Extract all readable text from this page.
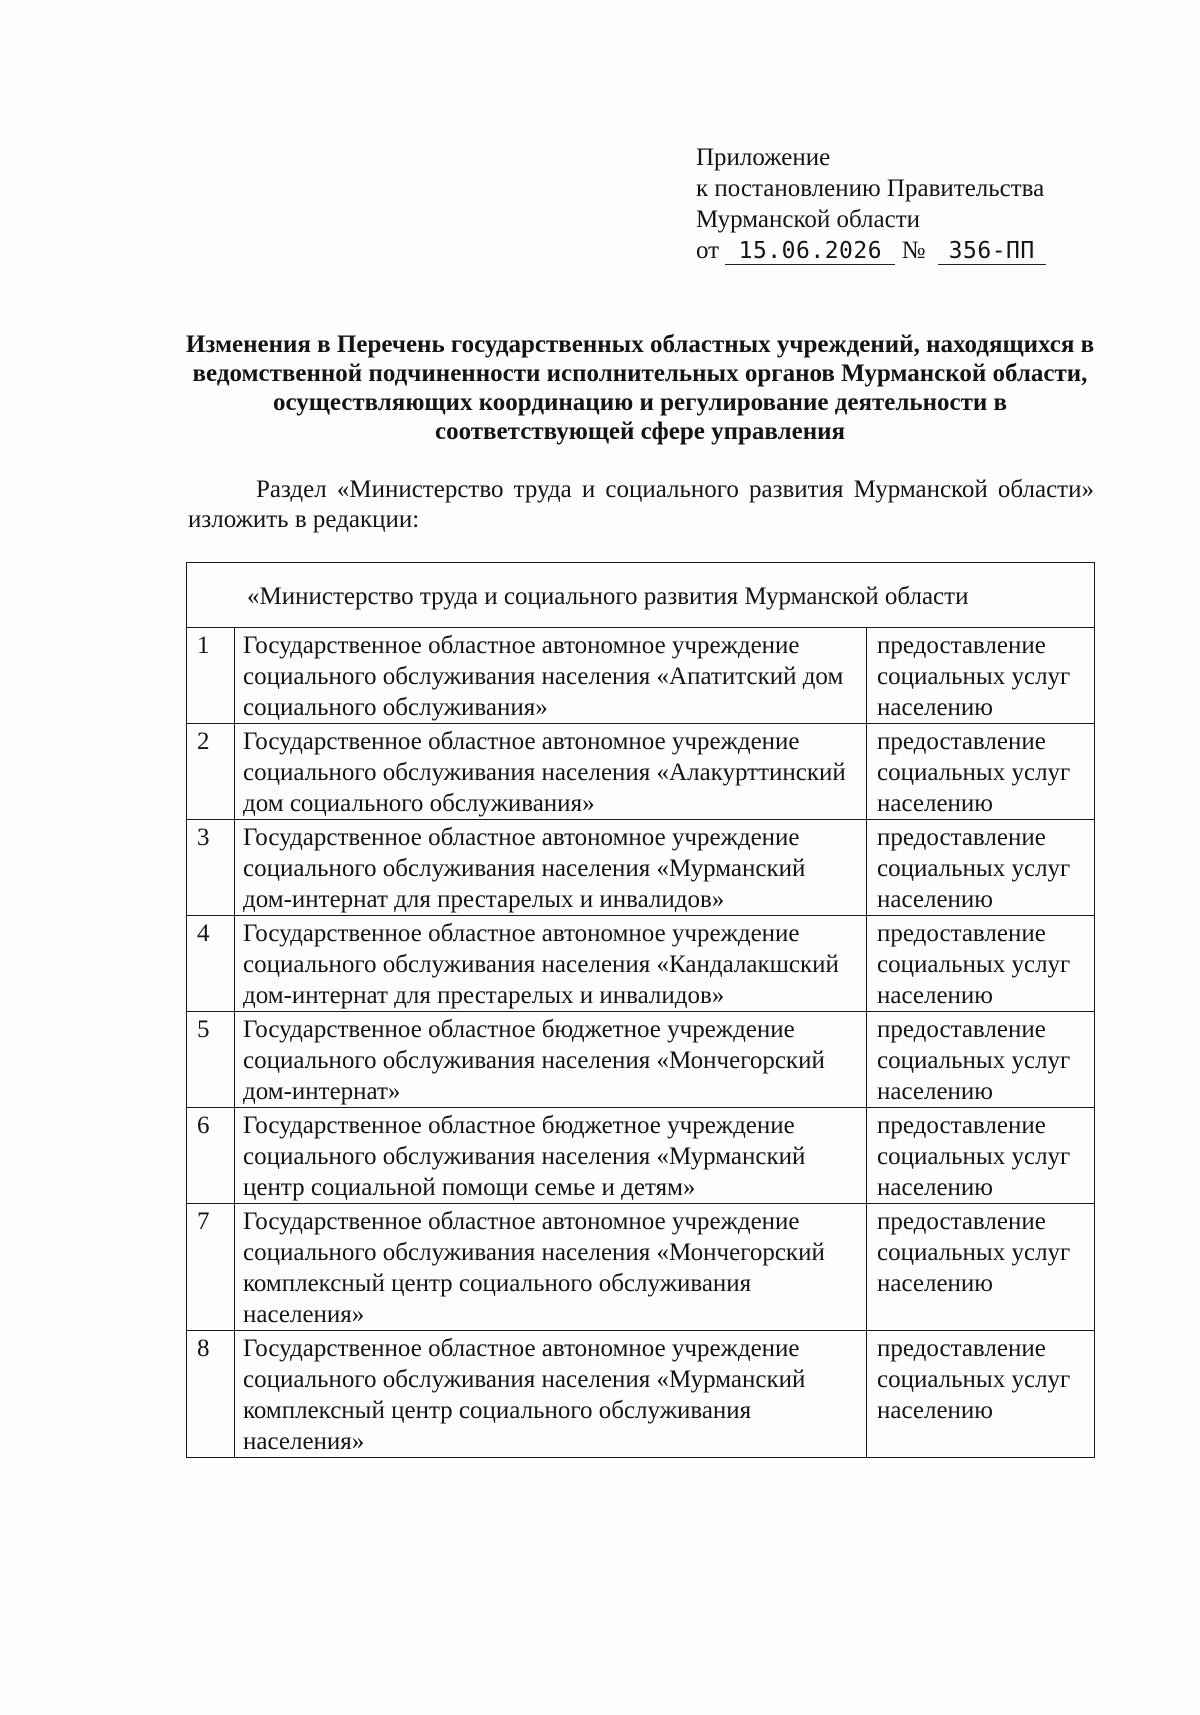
Приложение
к постановлению Правительства
Мурманской области
от 15.06.2026 № 356-ПП
Изменения в Перечень государственных областных учреждений, находящихся в ведомственной подчиненности исполнительных органов Мурманской области, осуществляющих координацию и регулирование деятельности в соответствующей сфере управления
Раздел «Министерство труда и социального развития Мурманской области» изложить в редакции:
«Министерство труда и социального развития Мурманской области		
1	Государственное областное автономное учреждение социального обслуживания населения «Апатитский дом социального обслуживания»	предоставление социальных услуг населению
2	Государственное областное автономное учреждение социального обслуживания населения «Алакурттинский дом социального обслуживания»	предоставление социальных услуг населению
3	Государственное областное автономное учреждение социального обслуживания населения «Мурманский дом-интернат для престарелых и инвалидов»	предоставление социальных услуг населению
4	Государственное областное автономное учреждение социального обслуживания населения «Кандалакшский дом-интернат для престарелых и инвалидов»	предоставление социальных услуг населению
5	Государственное областное бюджетное учреждение социального обслуживания населения «Мончегорский дом-интернат»	предоставление социальных услуг населению
6	Государственное областное бюджетное учреждение социального обслуживания населения «Мурманский центр социальной помощи семье и детям»	предоставление социальных услуг населению
7	Государственное областное автономное учреждение социального обслуживания населения «Мончегорский комплексный центр социального обслуживания населения»	предоставление социальных услуг населению
8	Государственное областное автономное учреждение социального обслуживания населения «Мурманский комплексный центр социального обслуживания населения»	предоставление социальных услуг населению
